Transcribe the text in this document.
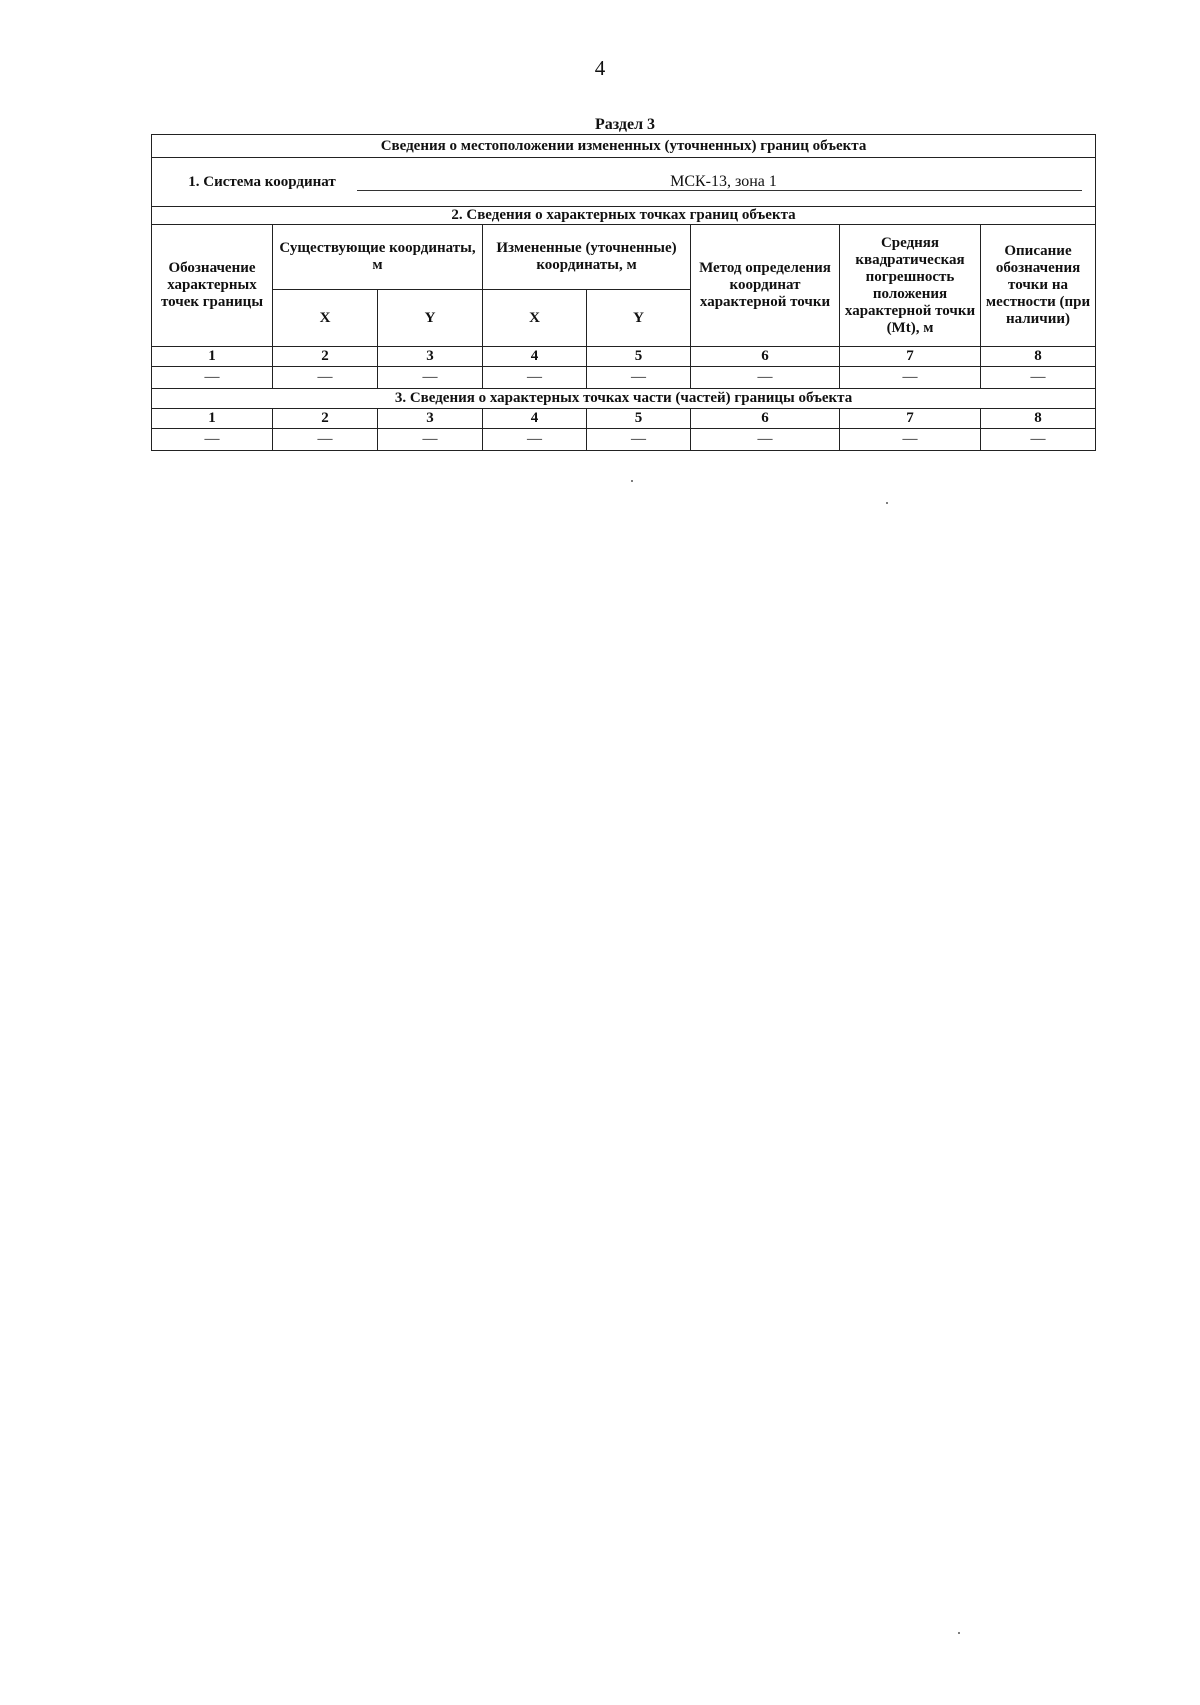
4
Раздел 3
Сведения о местоположении измененных (уточненных) границ объекта							
1. Система координат МСК-13, зона 1							
2. Сведения о характерных точках границ объекта							
Обозначение характерных точек границы	Существующие координаты, м		Измененные (уточненные) координаты, м		Метод определения координат характерной точки	Средняя квадратическая погрешность положения характерной точки (Mt), м	Описание обозначения точки на местности (при наличии)
	X	Y	X	Y			
1	2	3	4	5	6	7	8
—	—	—	—	—	—	—	—
3. Сведения о характерных точках части (частей) границы объекта							
1	2	3	4	5	6	7	8
—	—	—	—	—	—	—	—
